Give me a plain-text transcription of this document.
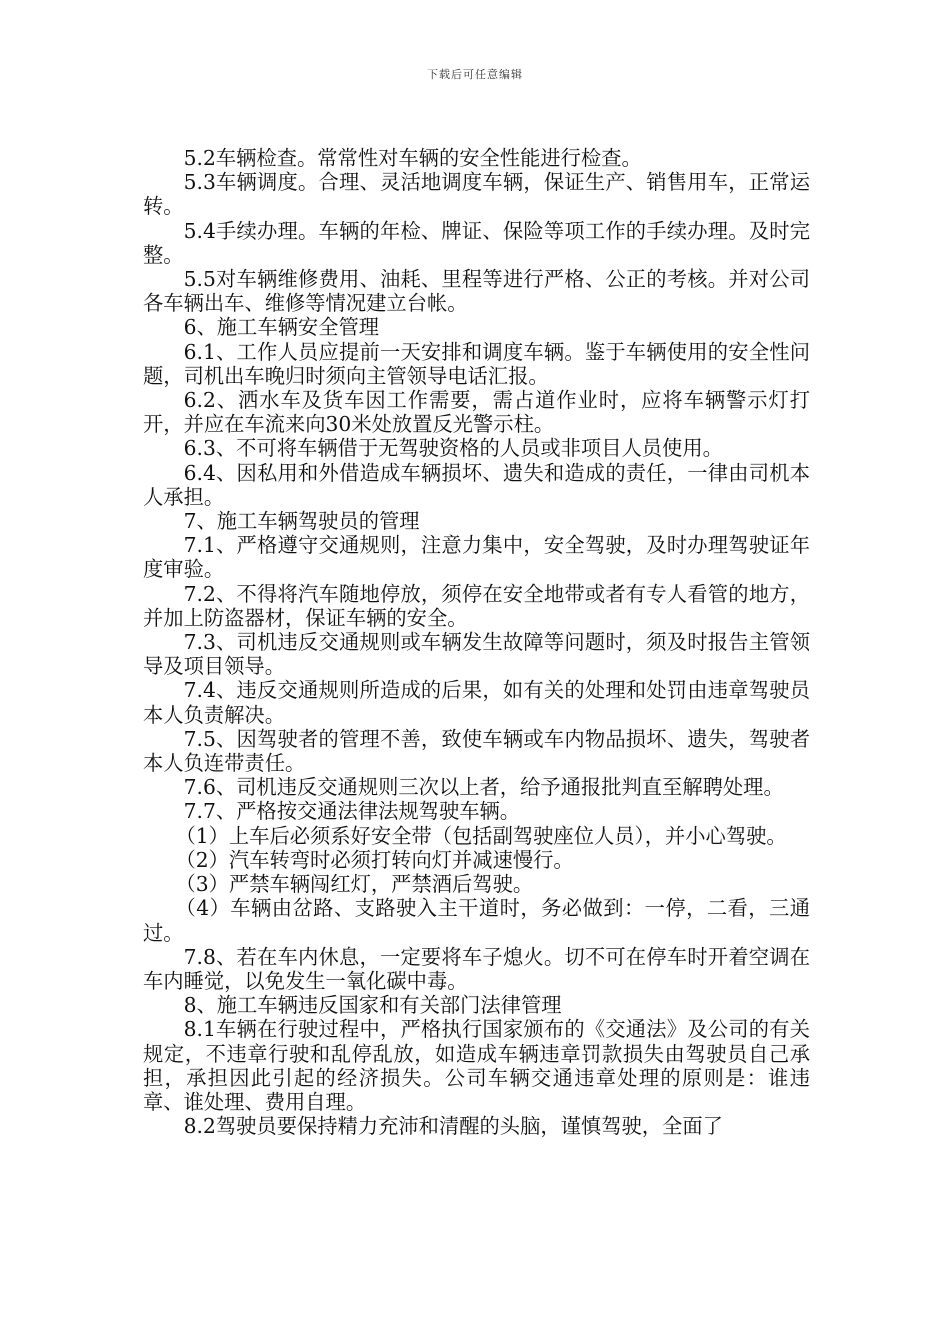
下载后可任意编辑

5.2车辆检查。常常性对车辆的安全性能进行检查。

5.3车辆调度。合理、灵活地调度车辆，保证生产、销售用车，正常运转。

5.4手续办理。车辆的年检、牌证、保险等项工作的手续办理。及时完整。

5.5对车辆维修费用、油耗、里程等进行严格、公正的考核。并对公司各车辆出车、维修等情况建立台帐。

6、施工车辆安全管理

6.1、工作人员应提前一天安排和调度车辆。鉴于车辆使用的安全性问题，司机出车晚归时须向主管领导电话汇报。

6.2、洒水车及货车因工作需要，需占道作业时，应将车辆警示灯打开，并应在车流来向30米处放置反光警示柱。

6.3、不可将车辆借于无驾驶资格的人员或非项目人员使用。

6.4、因私用和外借造成车辆损坏、遗失和造成的责任，一律由司机本人承担。

7、施工车辆驾驶员的管理

7.1、严格遵守交通规则，注意力集中，安全驾驶，及时办理驾驶证年度审验。

7.2、不得将汽车随地停放，须停在安全地带或者有专人看管的地方，并加上防盗器材，保证车辆的安全。

7.3、司机违反交通规则或车辆发生故障等问题时，须及时报告主管领导及项目领导。

7.4、违反交通规则所造成的后果，如有关的处理和处罚由违章驾驶员本人负责解决。

7.5、因驾驶者的管理不善，致使车辆或车内物品损坏、遗失，驾驶者本人负连带责任。

7.6、司机违反交通规则三次以上者，给予通报批判直至解聘处理。

7.7、严格按交通法律法规驾驶车辆。

（1）上车后必须系好安全带（包括副驾驶座位人员），并小心驾驶。

（2）汽车转弯时必须打转向灯并减速慢行。

（3）严禁车辆闯红灯，严禁酒后驾驶。

（4）车辆由岔路、支路驶入主干道时，务必做到：一停，二看，三通过。

7.8、若在车内休息，一定要将车子熄火。切不可在停车时开着空调在车内睡觉，以免发生一氧化碳中毒。

8、施工车辆违反国家和有关部门法律管理

8.1车辆在行驶过程中，严格执行国家颁布的《交通法》及公司的有关规定，不违章行驶和乱停乱放，如造成车辆违章罚款损失由驾驶员自己承担，承担因此引起的经济损失。公司车辆交通违章处理的原则是：谁违章、谁处理、费用自理。

8.2驾驶员要保持精力充沛和清醒的头脑，谨慎驾驶，全面了
